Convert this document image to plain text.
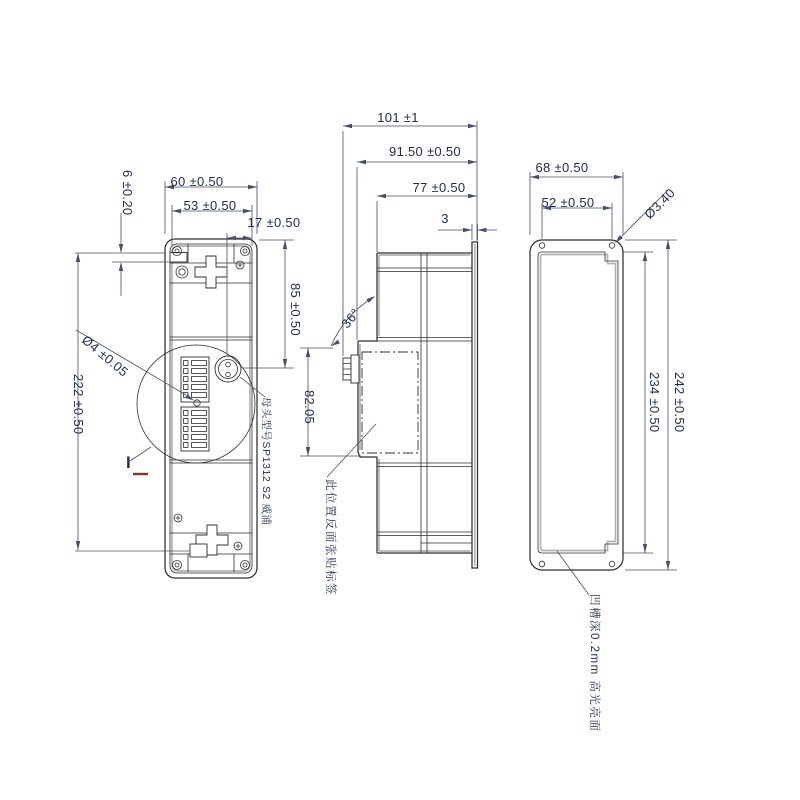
60 ±0.50
53 ±0.50
17 ±0.50
6 ±0.20
222 ±0.50
85 ±0.50
Ø4 ±0.05
I	母头型号SP1312 S2 威浦
101 ±1
91.50 ±0.50
77 ±0.50
3
82.05
36°
此位置反面张贴标签
68 ±0.50
52 ±0.50	Ø3.40
242 ±0.50
234 ±0.50
凹槽深0.2mm 高光亮面
